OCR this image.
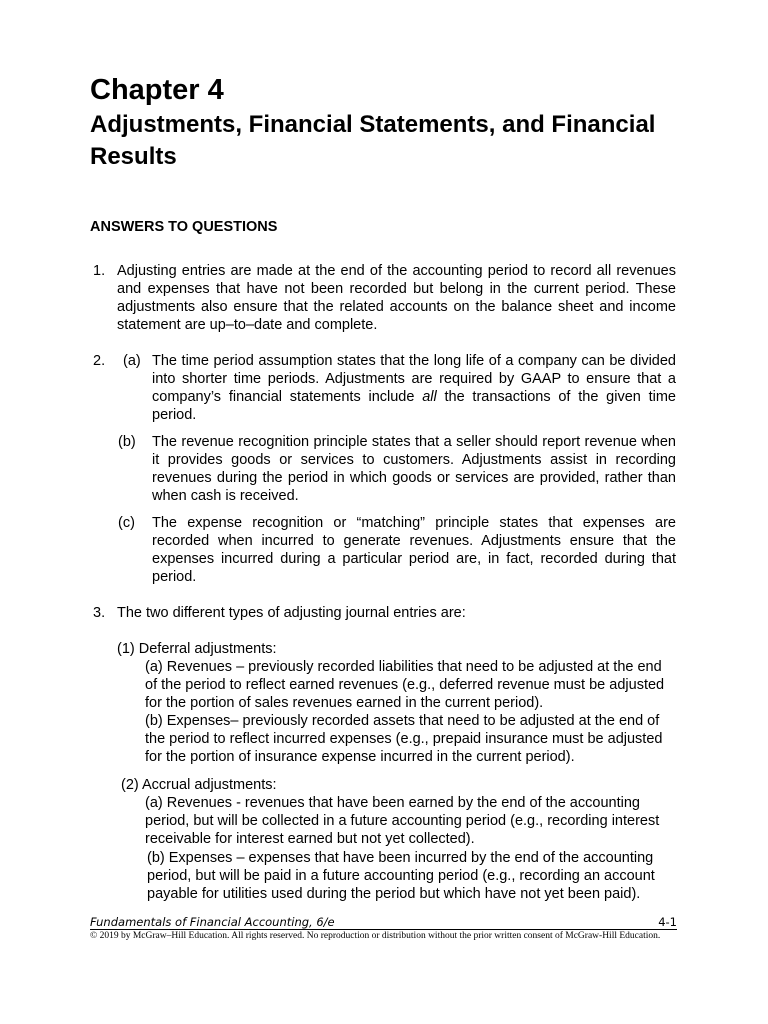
Chapter 4
Adjustments, Financial Statements, and Financial Results
ANSWERS TO QUESTIONS
1. Adjusting entries are made at the end of the accounting period to record all revenues and expenses that have not been recorded but belong in the current period. These adjustments also ensure that the related accounts on the balance sheet and income statement are up–to–date and complete.
2. (a) The time period assumption states that the long life of a company can be divided into shorter time periods. Adjustments are required by GAAP to ensure that a company’s financial statements include all the transactions of the given time period.
(b) The revenue recognition principle states that a seller should report revenue when it provides goods or services to customers. Adjustments assist in recording revenues during the period in which goods or services are provided, rather than when cash is received.
(c) The expense recognition or “matching” principle states that expenses are recorded when incurred to generate revenues. Adjustments ensure that the expenses incurred during a particular period are, in fact, recorded during that period.
3. The two different types of adjusting journal entries are:
(1) Deferral adjustments:
(a) Revenues – previously recorded liabilities that need to be adjusted at the end of the period to reflect earned revenues (e.g., deferred revenue must be adjusted for the portion of sales revenues earned in the current period).
(b) Expenses– previously recorded assets that need to be adjusted at the end of the period to reflect incurred expenses (e.g., prepaid insurance must be adjusted for the portion of insurance expense incurred in the current period).
(2) Accrual adjustments:
(a) Revenues - revenues that have been earned by the end of the accounting period, but will be collected in a future accounting period (e.g., recording interest receivable for interest earned but not yet collected).
(b) Expenses – expenses that have been incurred by the end of the accounting period, but will be paid in a future accounting period (e.g., recording an account payable for utilities used during the period but which have not yet been paid).
Fundamentals of Financial Accounting, 6/e	4-1
© 2019 by McGraw–Hill Education. All rights reserved. No reproduction or distribution without the prior written consent of McGraw-Hill Education.
